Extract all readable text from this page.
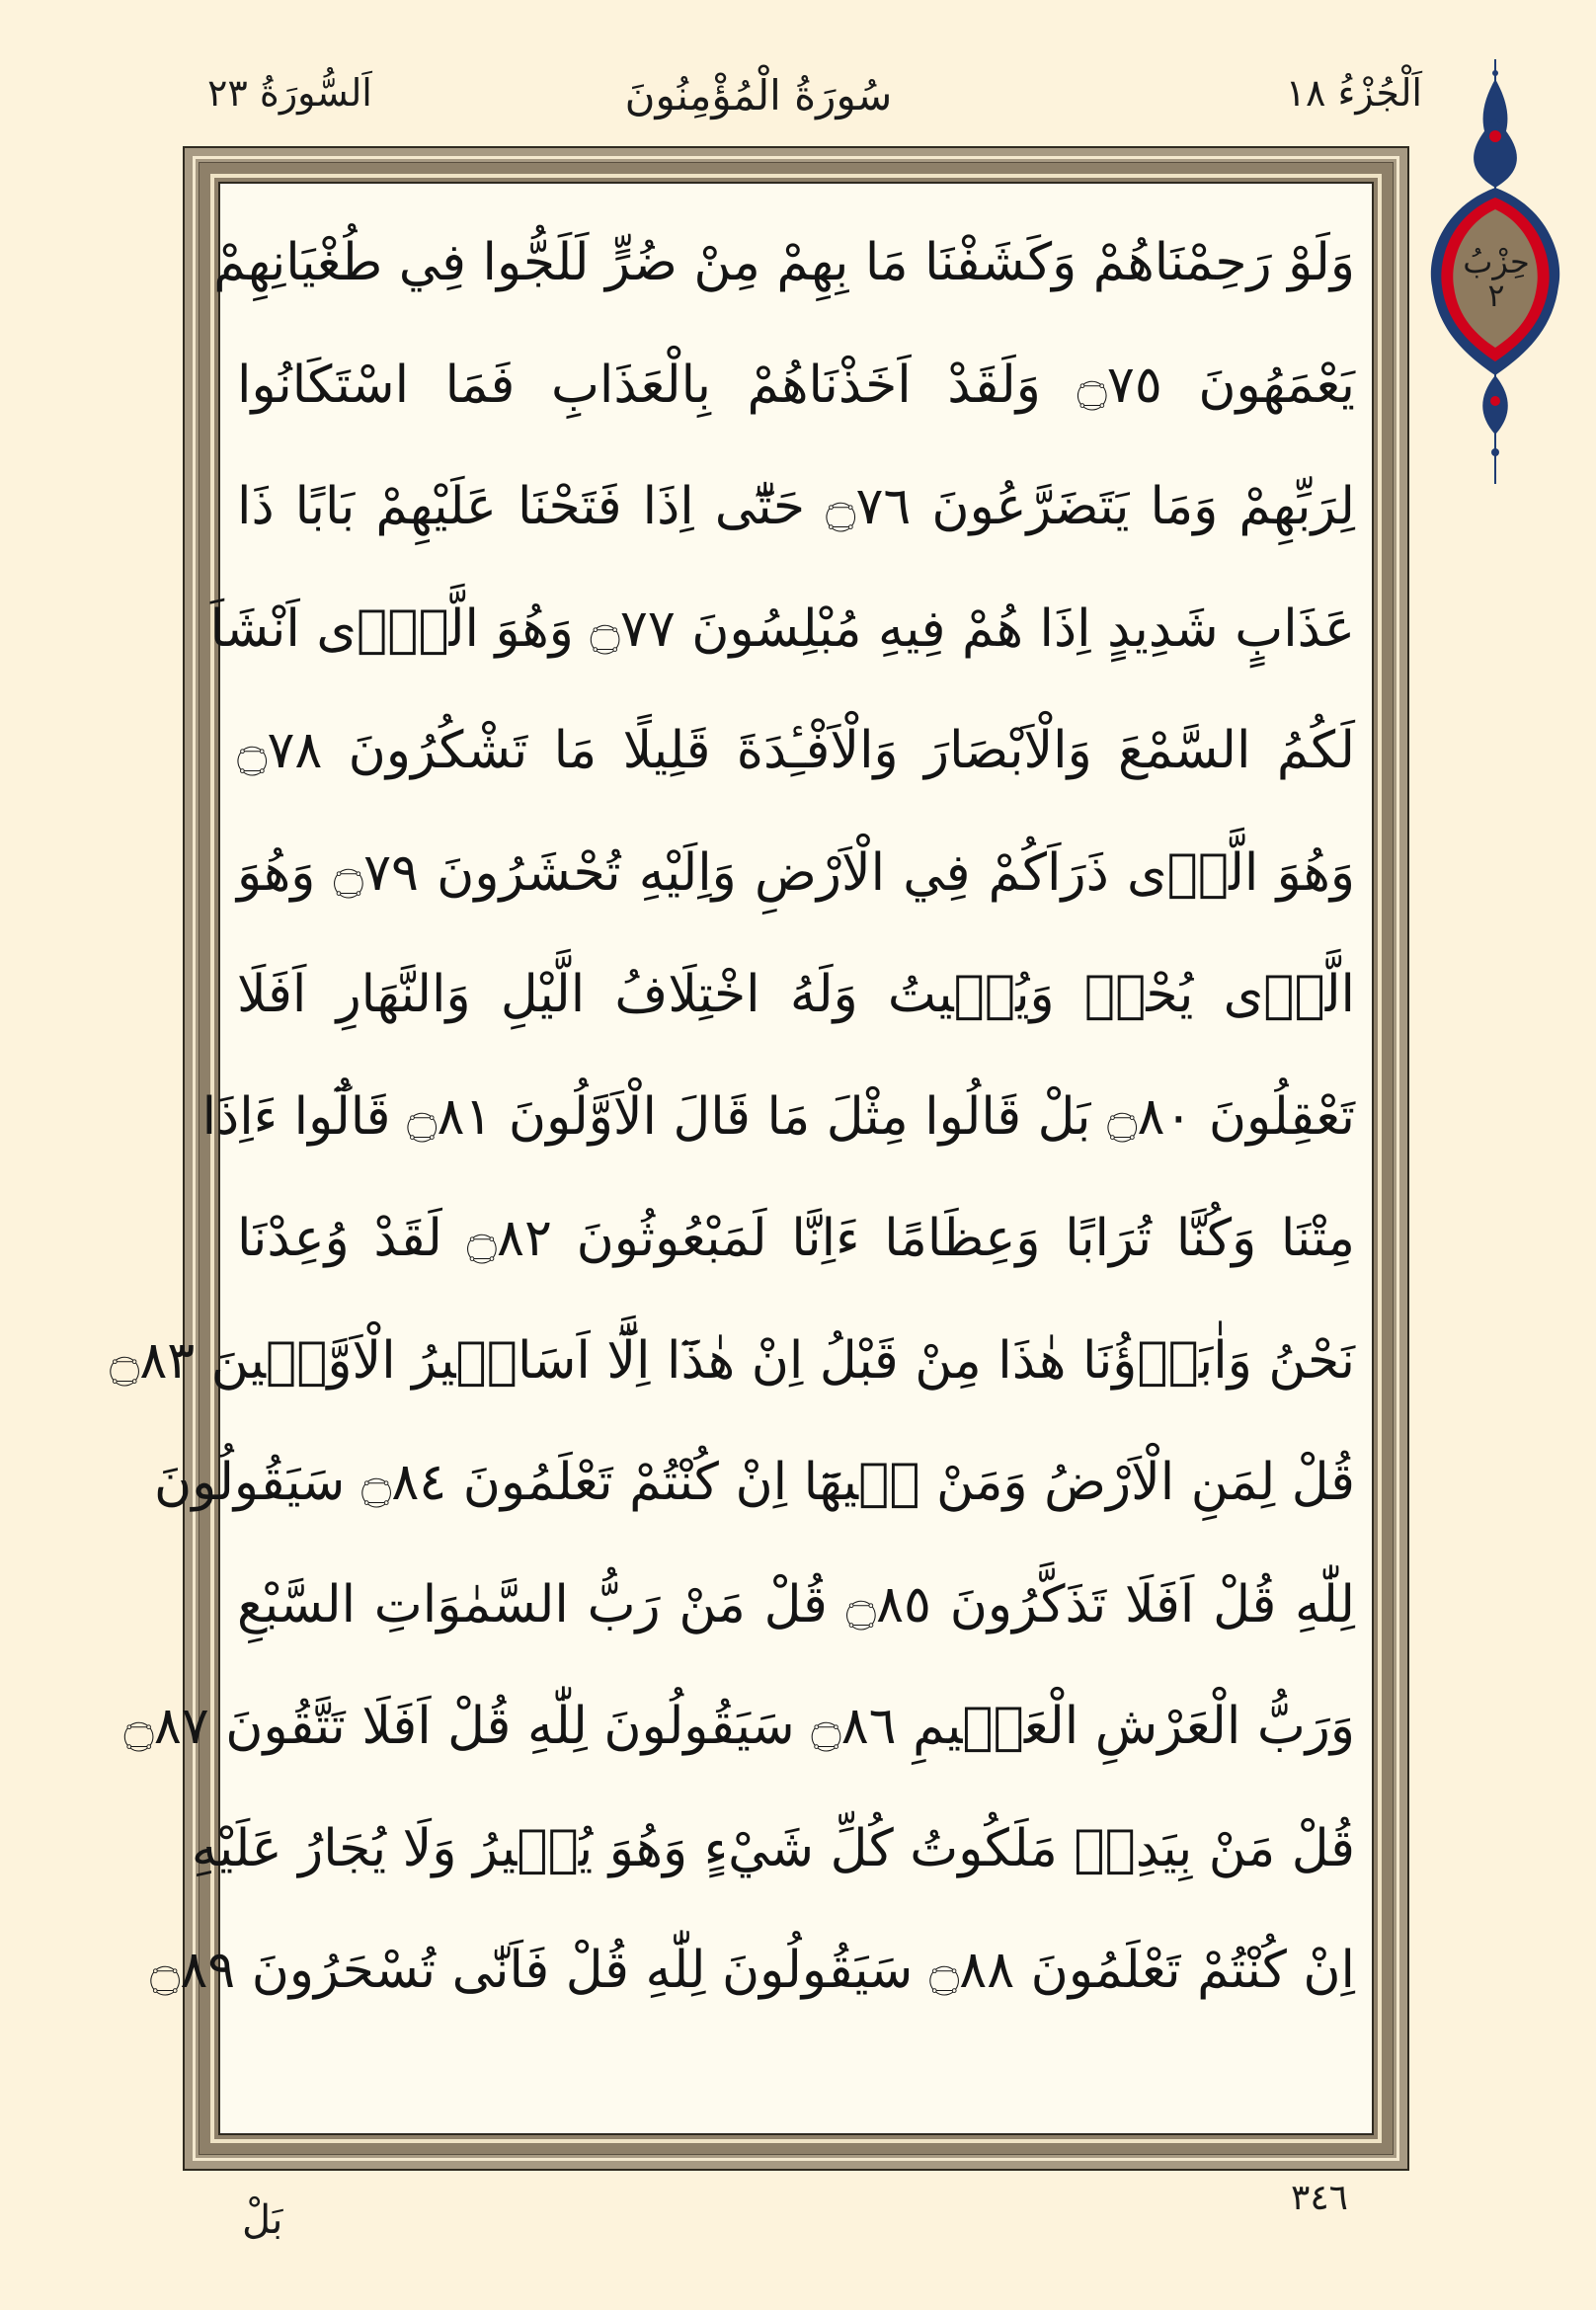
اَلْجُزْءُ ١٨
سُورَةُ الْمُؤْمِنُونَ
اَلسُّورَةُ ٢٣
حِزْبُ
٢
وَلَوْ رَحِمْنَاهُمْ وَكَشَفْنَا مَا بِهِمْ مِنْ ضُرٍّ لَلَجُّوا فِي طُغْيَانِهِمْ
يَعْمَهُونَ ۝٧٥ وَلَقَدْ اَخَذْنَاهُمْ بِالْعَذَابِ فَمَا اسْتَكَانُوا
لِرَبِّهِمْ وَمَا يَتَضَرَّعُونَ ۝٧٦ حَتّٰٓى اِذَا فَتَحْنَا عَلَيْهِمْ بَابًا ذَا
عَذَابٍ شَدِيدٍ اِذَا هُمْ فِيهِ مُبْلِسُونَ ۝٧٧ وَهُوَ الَّذٖٓى اَنْشَاَ
لَكُمُ السَّمْعَ وَالْاَبْصَارَ وَالْاَفْـِٔدَةَ قَلِيلًا مَا تَشْكُرُونَ ۝٧٨
وَهُوَ الَّذٖى ذَرَاَكُمْ فِي الْاَرْضِ وَاِلَيْهِ تُحْشَرُونَ ۝٧٩ وَهُوَ
الَّذٖى يُحْيٖ وَيُمٖيتُ وَلَهُ اخْتِلَافُ الَّيْلِ وَالنَّهَارِ اَفَلَا
تَعْقِلُونَ ۝٨٠ بَلْ قَالُوا مِثْلَ مَا قَالَ الْاَوَّلُونَ ۝٨١ قَالُٓوا ءَاِذَا
مِتْنَا وَكُنَّا تُرَابًا وَعِظَامًا ءَاِنَّا لَمَبْعُوثُونَ ۝٨٢ لَقَدْ وُعِدْنَا
نَحْنُ وَاٰبَاۤؤُنَا هٰذَا مِنْ قَبْلُ اِنْ هٰذَٓا اِلَّٓا اَسَاطٖيرُ الْاَوَّلٖينَ ۝٨٣
قُلْ لِمَنِ الْاَرْضُ وَمَنْ فٖيهَٓا اِنْ كُنْتُمْ تَعْلَمُونَ ۝٨٤ سَيَقُولُونَ
لِلّٰهِ قُلْ اَفَلَا تَذَكَّرُونَ ۝٨٥ قُلْ مَنْ رَبُّ السَّمٰوَاتِ السَّبْعِ
وَرَبُّ الْعَرْشِ الْعَظٖيمِ ۝٨٦ سَيَقُولُونَ لِلّٰهِ قُلْ اَفَلَا تَتَّقُونَ ۝٨٧
قُلْ مَنْ بِيَدِهٖ مَلَكُوتُ كُلِّ شَيْءٍ وَهُوَ يُجٖيرُ وَلَا يُجَارُ عَلَيْهِ
اِنْ كُنْتُمْ تَعْلَمُونَ ۝٨٨ سَيَقُولُونَ لِلّٰهِ قُلْ فَاَنّٰى تُسْحَرُونَ ۝٨٩
٣٤٦
بَلْ
